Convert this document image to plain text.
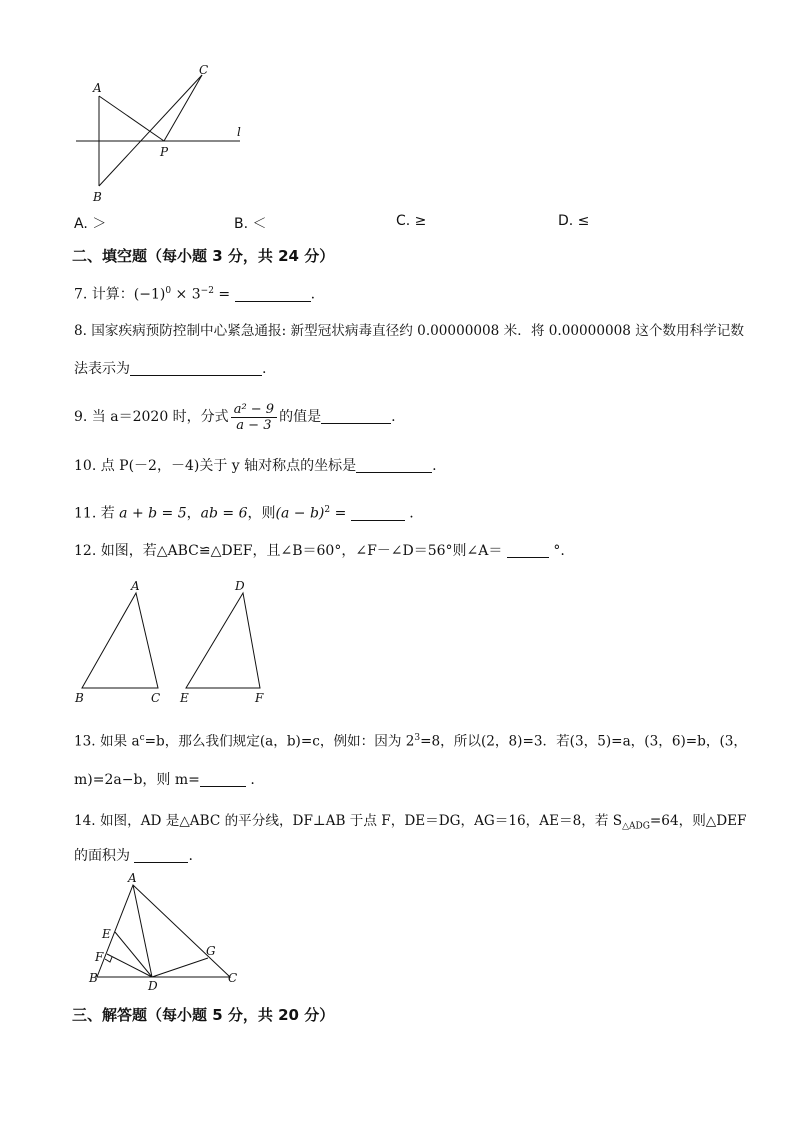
A
B
C
P
l
A. ＞	B. ＜	C. ≥	D. ≤
二、填空题（每小题 3 分，共 24 分）
7. 计算：$(-1)^0 \times 3^{-2}$ =	.
8. 国家疾病预防控制中心紧急通报: 新型冠状病毒直径约 0.00000008 米．将 0.00000008 这个数用科学记数
法表示为	.
9. 当 a＝2020 时，分式 $\frac{\text{a² − 9}}{a - 3}$ 的值是	.
10. 点 P(－2，－4)关于 y 轴对称点的坐标是	.
11. 若 a + b = 5，ab = 6，则$(a - b)^2$ =	.
12. 如图，若△ABC≌△DEF，且∠B＝60°，∠F－∠D＝56°则∠A＝	°.
A
B	C
D
E	F
13. 如果 $a^c=b$，那么我们规定(a，b)=c，例如：因为 $2^3=8$，所以(2，8)=3．若(3，5)=a，(3，6)=b，(3，
m)=2a−b，则 m=	.
14. 如图，AD 是△ABC 的平分线，DF⊥AB 于点 F，DE＝DG，AG＝16，AE＝8，若 $S_{\triangle ADG}=64$，则△DEF
的面积为	.
A
B	C
D
E
F	G
三、解答题（每小题 5 分，共 20 分）
